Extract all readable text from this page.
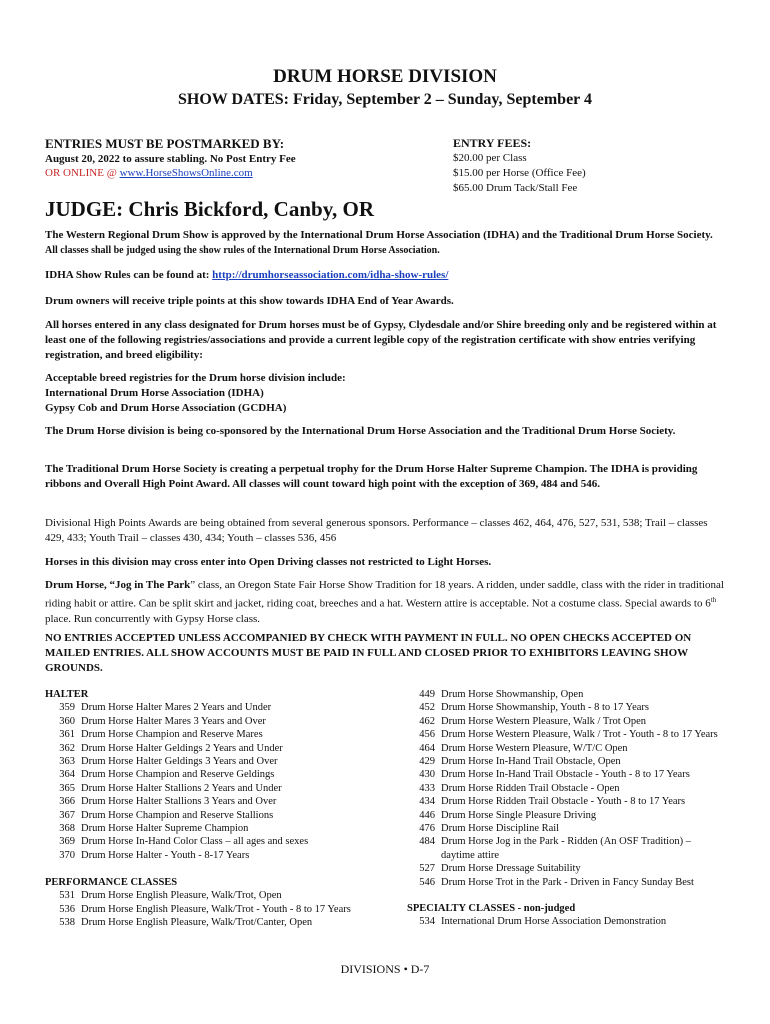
DRUM HORSE DIVISION
SHOW DATES: Friday, September 2 – Sunday, September 4
ENTRIES MUST BE POSTMARKED BY:
August 20, 2022 to assure stabling. No Post Entry Fee
OR ONLINE @ www.HorseShowsOnline.com
ENTRY FEES:
$20.00 per Class
$15.00 per Horse (Office Fee)
$65.00 Drum Tack/Stall Fee
JUDGE: Chris Bickford, Canby, OR
The Western Regional Drum Show is approved by the International Drum Horse Association (IDHA) and the Traditional Drum Horse Society. All classes shall be judged using the show rules of the International Drum Horse Association.
IDHA Show Rules can be found at: http://drumhorseassociation.com/idha-show-rules/
Drum owners will receive triple points at this show towards IDHA End of Year Awards.
All horses entered in any class designated for Drum horses must be of Gypsy, Clydesdale and/or Shire breeding only and be registered within at least one of the following registries/associations and provide a current legible copy of the registration certificate with show entries verifying registration, and breed eligibility:
Acceptable breed registries for the Drum horse division include:
International Drum Horse Association (IDHA)
Gypsy Cob and Drum Horse Association (GCDHA)
The Drum Horse division is being co-sponsored by the International Drum Horse Association and the Traditional Drum Horse Society.
The Traditional Drum Horse Society is creating a perpetual trophy for the Drum Horse Halter Supreme Champion. The IDHA is providing ribbons and Overall High Point Award. All classes will count toward high point with the exception of 369, 484 and 546.
Divisional High Points Awards are being obtained from several generous sponsors. Performance – classes 462, 464, 476, 527, 531, 538; Trail – classes 429, 433; Youth Trail – classes 430, 434; Youth – classes 536, 456
Horses in this division may cross enter into Open Driving classes not restricted to Light Horses.
Drum Horse, “Jog in The Park” class, an Oregon State Fair Horse Show Tradition for 18 years. A ridden, under saddle, class with the rider in traditional riding habit or attire. Can be split skirt and jacket, riding coat, breeches and a hat. Western attire is acceptable. Not a costume class. Special awards to 6th place. Run concurrently with Gypsy Horse class.
NO ENTRIES ACCEPTED UNLESS ACCOMPANIED BY CHECK WITH PAYMENT IN FULL. NO OPEN CHECKS ACCEPTED ON MAILED ENTRIES. ALL SHOW ACCOUNTS MUST BE PAID IN FULL AND CLOSED PRIOR TO EXHIBITORS LEAVING SHOW GROUNDS.
HALTER
359 Drum Horse Halter Mares 2 Years and Under
360 Drum Horse Halter Mares 3 Years and Over
361 Drum Horse Champion and Reserve Mares
362 Drum Horse Halter Geldings 2 Years and Under
363 Drum Horse Halter Geldings 3 Years and Over
364 Drum Horse Champion and Reserve Geldings
365 Drum Horse Halter Stallions 2 Years and Under
366 Drum Horse Halter Stallions 3 Years and Over
367 Drum Horse Champion and Reserve Stallions
368 Drum Horse Halter Supreme Champion
369 Drum Horse In-Hand Color Class – all ages and sexes
370 Drum Horse Halter - Youth - 8-17 Years
PERFORMANCE CLASSES
531 Drum Horse English Pleasure, Walk/Trot, Open
536 Drum Horse English Pleasure, Walk/Trot - Youth - 8 to 17 Years
538 Drum Horse English Pleasure, Walk/Trot/Canter, Open
449 Drum Horse Showmanship, Open
452 Drum Horse Showmanship, Youth - 8 to 17 Years
462 Drum Horse Western Pleasure, Walk / Trot Open
456 Drum Horse Western Pleasure, Walk / Trot - Youth - 8 to 17 Years
464 Drum Horse Western Pleasure, W/T/C Open
429 Drum Horse In-Hand Trail Obstacle, Open
430 Drum Horse In-Hand Trail Obstacle - Youth - 8 to 17 Years
433 Drum Horse Ridden Trail Obstacle - Open
434 Drum Horse Ridden Trail Obstacle - Youth - 8 to 17 Years
446 Drum Horse Single Pleasure Driving
476 Drum Horse Discipline Rail
484 Drum Horse Jog in the Park - Ridden (An OSF Tradition) –
daytime attire
527 Drum Horse Dressage Suitability
546 Drum Horse Trot in the Park - Driven in Fancy Sunday Best
SPECIALTY CLASSES - non-judged
534 International Drum Horse Association Demonstration
DIVISIONS • D-7
